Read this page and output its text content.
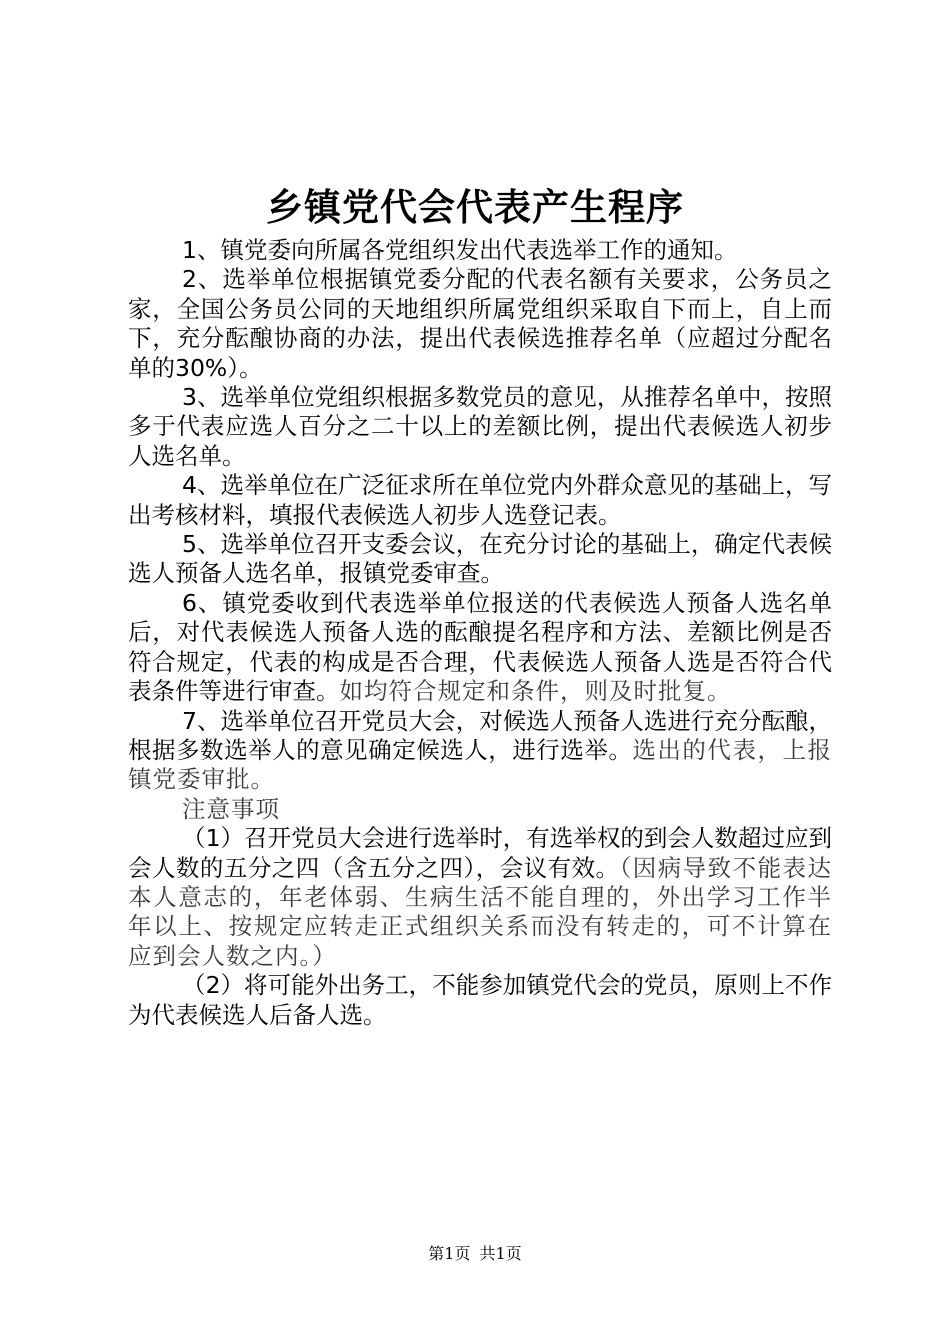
乡镇党代会代表产生程序

1、镇党委向所属各党组织发出代表选举工作的通知。

2、选举单位根据镇党委分配的代表名额有关要求，公务员之家，全国公务员公同的天地组织所属党组织采取自下而上，自上而下，充分酝酿协商的办法，提出代表候选推荐名单（应超过分配名单的30%）。

3、选举单位党组织根据多数党员的意见，从推荐名单中，按照多于代表应选人百分之二十以上的差额比例，提出代表候选人初步人选名单。

4、选举单位在广泛征求所在单位党内外群众意见的基础上，写出考核材料，填报代表候选人初步人选登记表。

5、选举单位召开支委会议，在充分讨论的基础上，确定代表候选人预备人选名单，报镇党委审查。

6、镇党委收到代表选举单位报送的代表候选人预备人选名单后，对代表候选人预备人选的酝酿提名程序和方法、差额比例是否符合规定，代表的构成是否合理，代表候选人预备人选是否符合代表条件等进行审查。如均符合规定和条件，则及时批复。

7、选举单位召开党员大会，对候选人预备人选进行充分酝酿，根据多数选举人的意见确定候选人，进行选举。选出的代表，上报镇党委审批。

注意事项

（1）召开党员大会进行选举时，有选举权的到会人数超过应到会人数的五分之四（含五分之四），会议有效。（因病导致不能表达本人意志的，年老体弱、生病生活不能自理的，外出学习工作半年以上、按规定应转走正式组织关系而没有转走的，可不计算在应到会人数之内。）

（2）将可能外出务工，不能参加镇党代会的党员，原则上不作为代表候选人后备人选。

第1页 共1页
